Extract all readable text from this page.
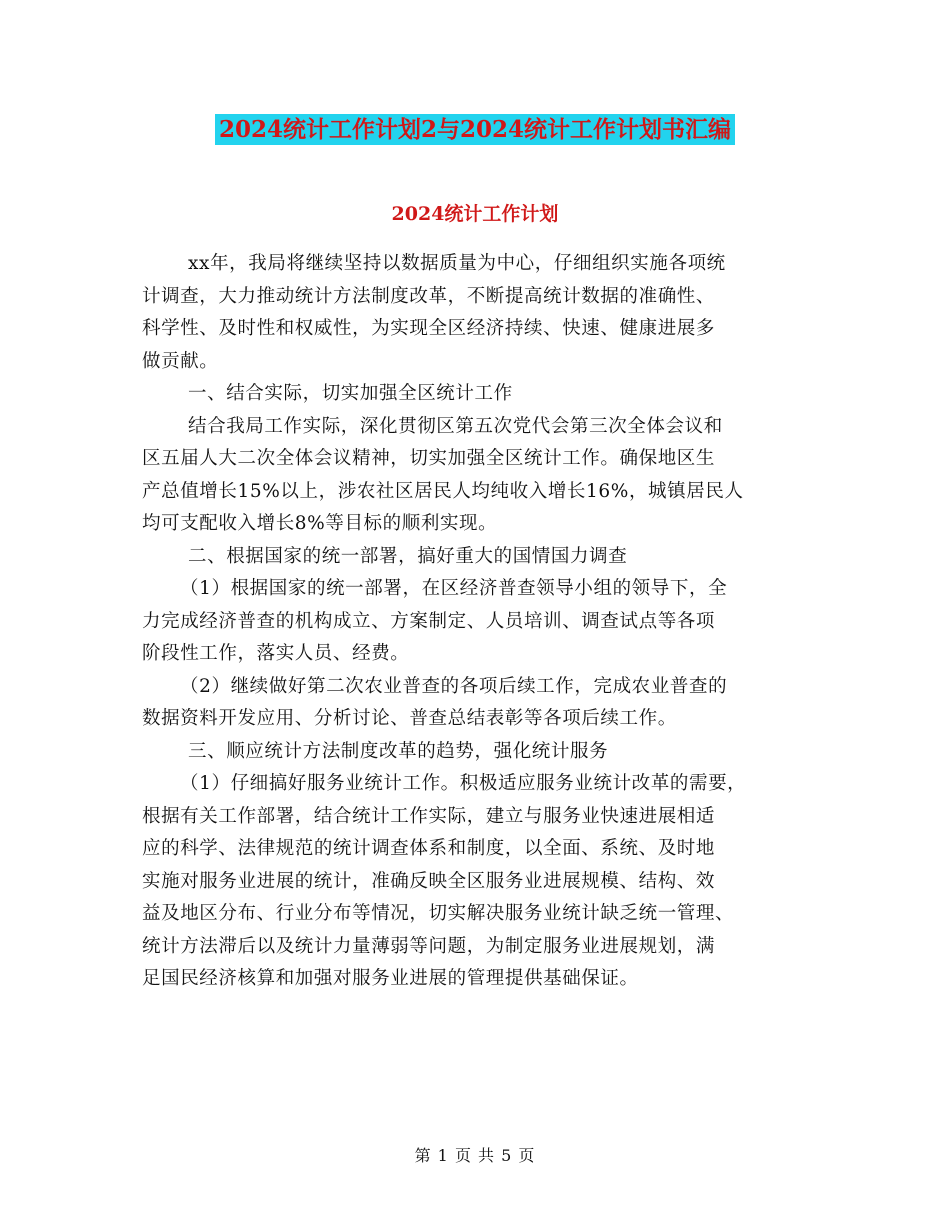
2024统计工作计划2与2024统计工作计划书汇编
2024统计工作计划
xx年，我局将继续坚持以数据质量为中心，仔细组织实施各项统
计调查，大力推动统计方法制度改革，不断提高统计数据的准确性、
科学性、及时性和权威性，为实现全区经济持续、快速、健康进展多
做贡献。
一、结合实际，切实加强全区统计工作
结合我局工作实际，深化贯彻区第五次党代会第三次全体会议和
区五届人大二次全体会议精神，切实加强全区统计工作。确保地区生
产总值增长15%以上，涉农社区居民人均纯收入增长16%，城镇居民人
均可支配收入增长8%等目标的顺利实现。
二、根据国家的统一部署，搞好重大的国情国力调查
（1）根据国家的统一部署，在区经济普查领导小组的领导下，全
力完成经济普查的机构成立、方案制定、人员培训、调查试点等各项
阶段性工作，落实人员、经费。
（2）继续做好第二次农业普查的各项后续工作，完成农业普查的
数据资料开发应用、分析讨论、普查总结表彰等各项后续工作。
三、顺应统计方法制度改革的趋势，强化统计服务
（1）仔细搞好服务业统计工作。积极适应服务业统计改革的需要，
根据有关工作部署，结合统计工作实际，建立与服务业快速进展相适
应的科学、法律规范的统计调查体系和制度，以全面、系统、及时地
实施对服务业进展的统计，准确反映全区服务业进展规模、结构、效
益及地区分布、行业分布等情况，切实解决服务业统计缺乏统一管理、
统计方法滞后以及统计力量薄弱等问题，为制定服务业进展规划，满
足国民经济核算和加强对服务业进展的管理提供基础保证。
第 1 页 共 5 页
